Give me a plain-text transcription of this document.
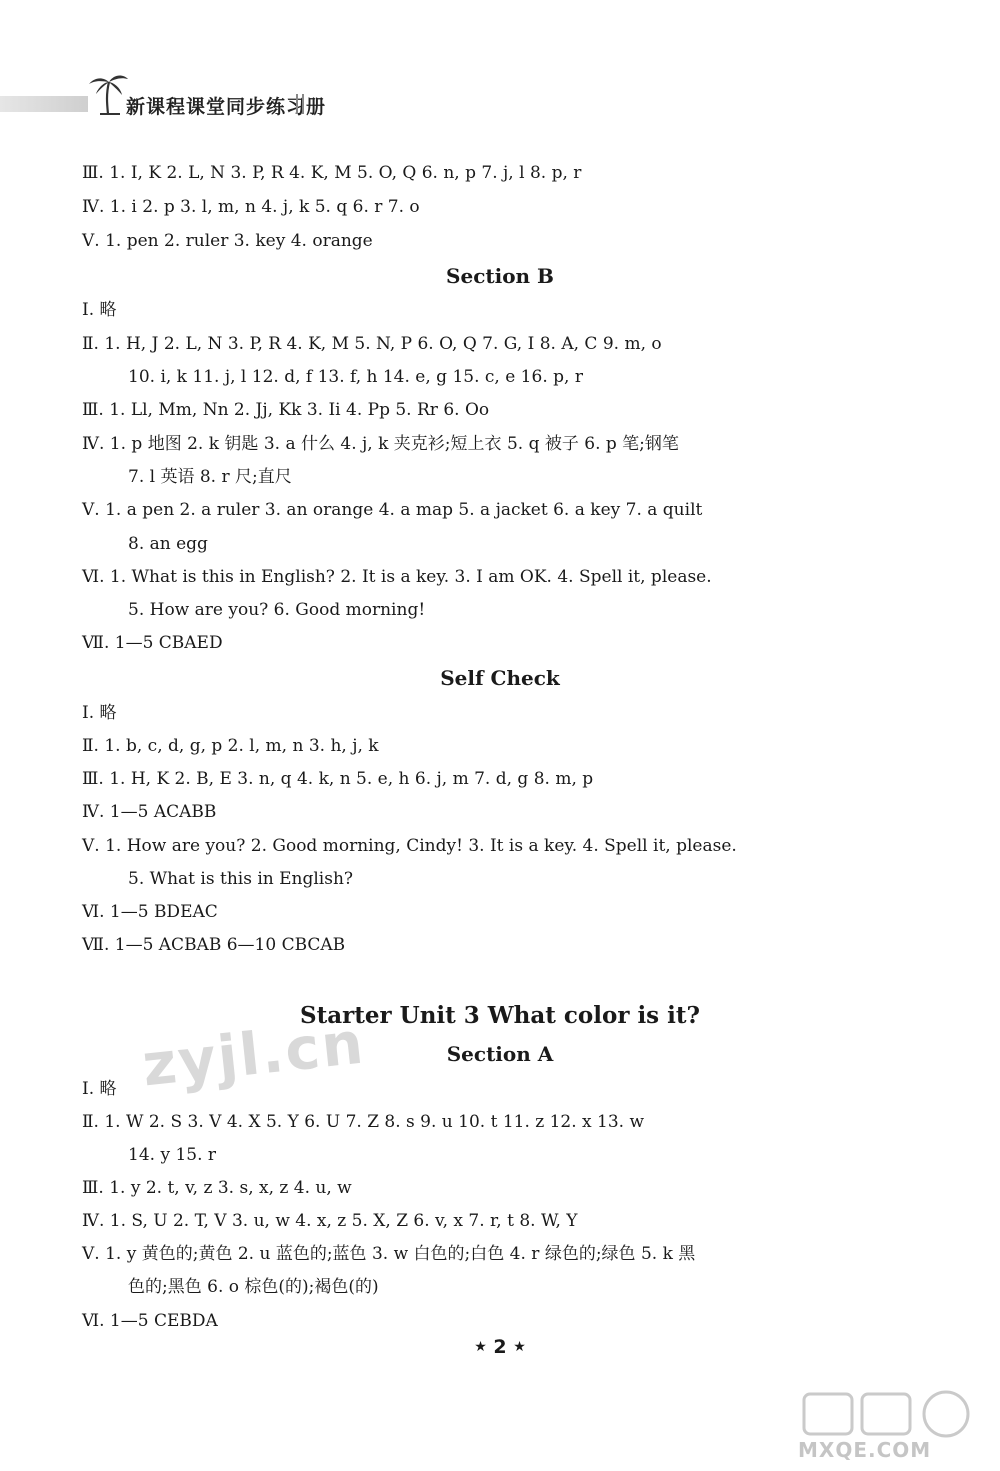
新课程课堂同步练习册
Ⅲ. 1. I, K 2. L, N 3. P, R 4. K, M 5. O, Q 6. n, p 7. j, l 8. p, r
Ⅳ. 1. i 2. p 3. l, m, n 4. j, k 5. q 6. r 7. o
Ⅴ. 1. pen 2. ruler 3. key 4. orange
Section B
Ⅰ. 略
Ⅱ. 1. H, J 2. L, N 3. P, R 4. K, M 5. N, P 6. O, Q 7. G, I 8. A, C 9. m, o
10. i, k 11. j, l 12. d, f 13. f, h 14. e, g 15. c, e 16. p, r
Ⅲ. 1. Ll, Mm, Nn 2. Jj, Kk 3. Ii 4. Pp 5. Rr 6. Oo
Ⅳ. 1. p 地图 2. k 钥匙 3. a 什么 4. j, k 夹克衫;短上衣 5. q 被子 6. p 笔;钢笔
7. l 英语 8. r 尺;直尺
Ⅴ. 1. a pen 2. a ruler 3. an orange 4. a map 5. a jacket 6. a key 7. a quilt
8. an egg
Ⅵ. 1. What is this in English? 2. It is a key. 3. I am OK. 4. Spell it, please.
5. How are you? 6. Good morning!
Ⅶ. 1—5 CBAED
Self Check
Ⅰ. 略
Ⅱ. 1. b, c, d, g, p 2. l, m, n 3. h, j, k
Ⅲ. 1. H, K 2. B, E 3. n, q 4. k, n 5. e, h 6. j, m 7. d, g 8. m, p
Ⅳ. 1—5 ACABB
Ⅴ. 1. How are you? 2. Good morning, Cindy! 3. It is a key. 4. Spell it, please.
5. What is this in English?
Ⅵ. 1—5 BDEAC
Ⅶ. 1—5 ACBAB 6—10 CBCAB
Starter Unit 3 What color is it?
Section A
Ⅰ. 略
Ⅱ. 1. W 2. S 3. V 4. X 5. Y 6. U 7. Z 8. s 9. u 10. t 11. z 12. x 13. w
14. y 15. r
Ⅲ. 1. y 2. t, v, z 3. s, x, z 4. u, w
Ⅳ. 1. S, U 2. T, V 3. u, w 4. x, z 5. X, Z 6. v, x 7. r, t 8. W, Y
Ⅴ. 1. y 黄色的;黄色 2. u 蓝色的;蓝色 3. w 白色的;白色 4. r 绿色的;绿色 5. k 黑
色的;黑色 6. o 棕色(的);褐色(的)
Ⅵ. 1—5 CEBDA
zyjl.cn
★ 2 ★
MXQE.COM
